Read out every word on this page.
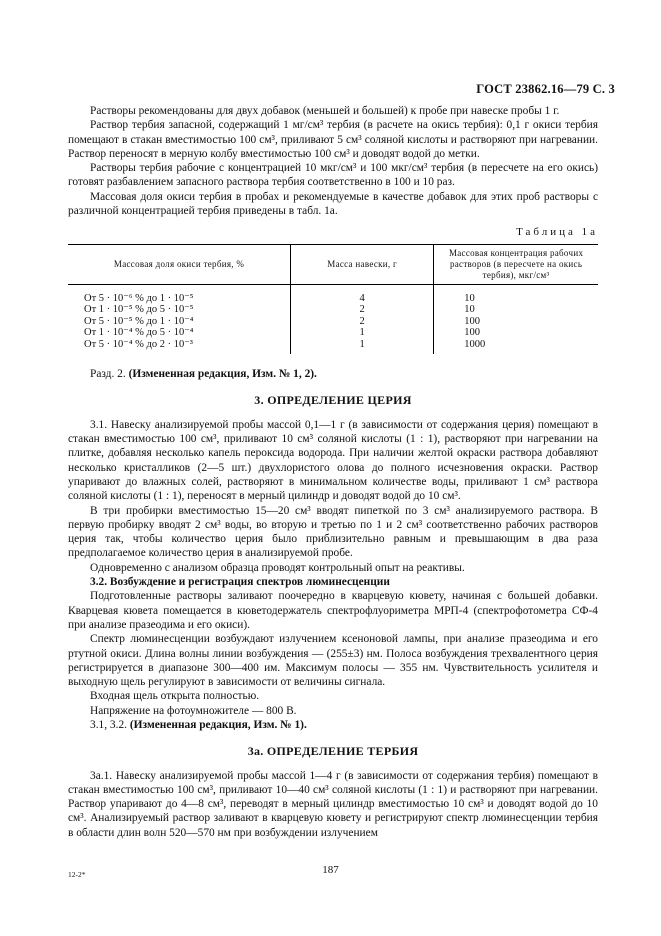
ГОСТ 23862.16—79 С. 3

Растворы рекомендованы для двух добавок (меньшей и большей) к пробе при навеске пробы 1 г.

Раствор тербия запасной, содержащий 1 мг/см³ тербия (в расчете на окись тербия): 0,1 г окиси тербия помещают в стакан вместимостью 100 см³, приливают 5 см³ соляной кислоты и растворяют при нагревании. Раствор переносят в мерную колбу вместимостью 100 см³ и доводят водой до метки.

Растворы тербия рабочие с концентрацией 10 мкг/см³ и 100 мкг/см³ тербия (в пересчете на его окись) готовят разбавлением запасного раствора тербия соответственно в 100 и 10 раз.

Массовая доля окиси тербия в пробах и рекомендуемые в качестве добавок для этих проб растворы с различной концентрацией тербия приведены в табл. 1а.

Таблица 1а
Массовая доля окиси тербия, %	Масса навески, г	Массовая концентрация рабочих растворов (в пересчете на окись тербия), мкг/см³
От 5 · 10⁻⁶ % до 1 · 10⁻⁵	4	10
От 1 · 10⁻⁵ % до 5 · 10⁻⁵	2	10
От 5 · 10⁻⁵ % до 1 · 10⁻⁴	2	100
От 1 · 10⁻⁴ % до 5 · 10⁻⁴	1	100
От 5 · 10⁻⁴ % до 2 · 10⁻³	1	1000

Разд. 2. (Измененная редакция, Изм. № 1, 2).

3. ОПРЕДЕЛЕНИЕ ЦЕРИЯ

3.1. Навеску анализируемой пробы массой 0,1—1 г (в зависимости от содержания церия) помещают в стакан вместимостью 100 см³, приливают 10 см³ соляной кислоты (1 : 1), растворяют при нагревании на плитке, добавляя несколько капель пероксида водорода. При наличии желтой окраски раствора добавляют несколько кристалликов (2—5 шт.) двухлористого олова до полного исчезновения окраски. Раствор упаривают до влажных солей, растворяют в минимальном количестве воды, приливают 1 см³ раствора соляной кислоты (1 : 1), переносят в мерный цилиндр и доводят водой до 10 см³.

В три пробирки вместимостью 15—20 см³ вводят пипеткой по 3 см³ анализируемого раствора. В первую пробирку вводят 2 см³ воды, во вторую и третью по 1 и 2 см³ соответственно рабочих растворов церия так, чтобы количество церия было приблизительно равным и превышающим в два раза предполагаемое количество церия в анализируемой пробе.

Одновременно с анализом образца проводят контрольный опыт на реактивы.

3.2. Возбуждение и регистрация спектров люминесценции

Подготовленные растворы заливают поочередно в кварцевую кювету, начиная с большей добавки. Кварцевая кювета помещается в кюветодержатель спектрофлуориметра МРП-4 (спектрофотометра СФ-4 при анализе празеодима и его окиси).

Спектр люминесценции возбуждают излучением ксеноновой лампы, при анализе празеодима и его ртутной окиси. Длина волны линии возбуждения — (255±3) нм. Полоса возбуждения трехвалентного церия регистрируется в диапазоне 300—400 им. Максимум полосы — 355 нм. Чувствительность усилителя и выходную щель регулируют в зависимости от величины сигнала.

Входная щель открыта полностью.

Напряжение на фотоумножителе — 800 В.

3.1, 3.2. (Измененная редакция, Изм. № 1).

3а. ОПРЕДЕЛЕНИЕ ТЕРБИЯ

3а.1. Навеску анализируемой пробы массой 1—4 г (в зависимости от содержания тербия) помещают в стакан вместимостью 100 см³, приливают 10—40 см³ соляной кислоты (1 : 1) и растворяют при нагревании. Раствор упаривают до 4—8 см³, переводят в мерный цилиндр вместимостью 10 см³ и доводят водой до 10 см³. Анализируемый раствор заливают в кварцевую кювету и регистрируют спектр люминесценции тербия в области длин волн 520—570 нм при возбуждении излучением

12-2*	187
